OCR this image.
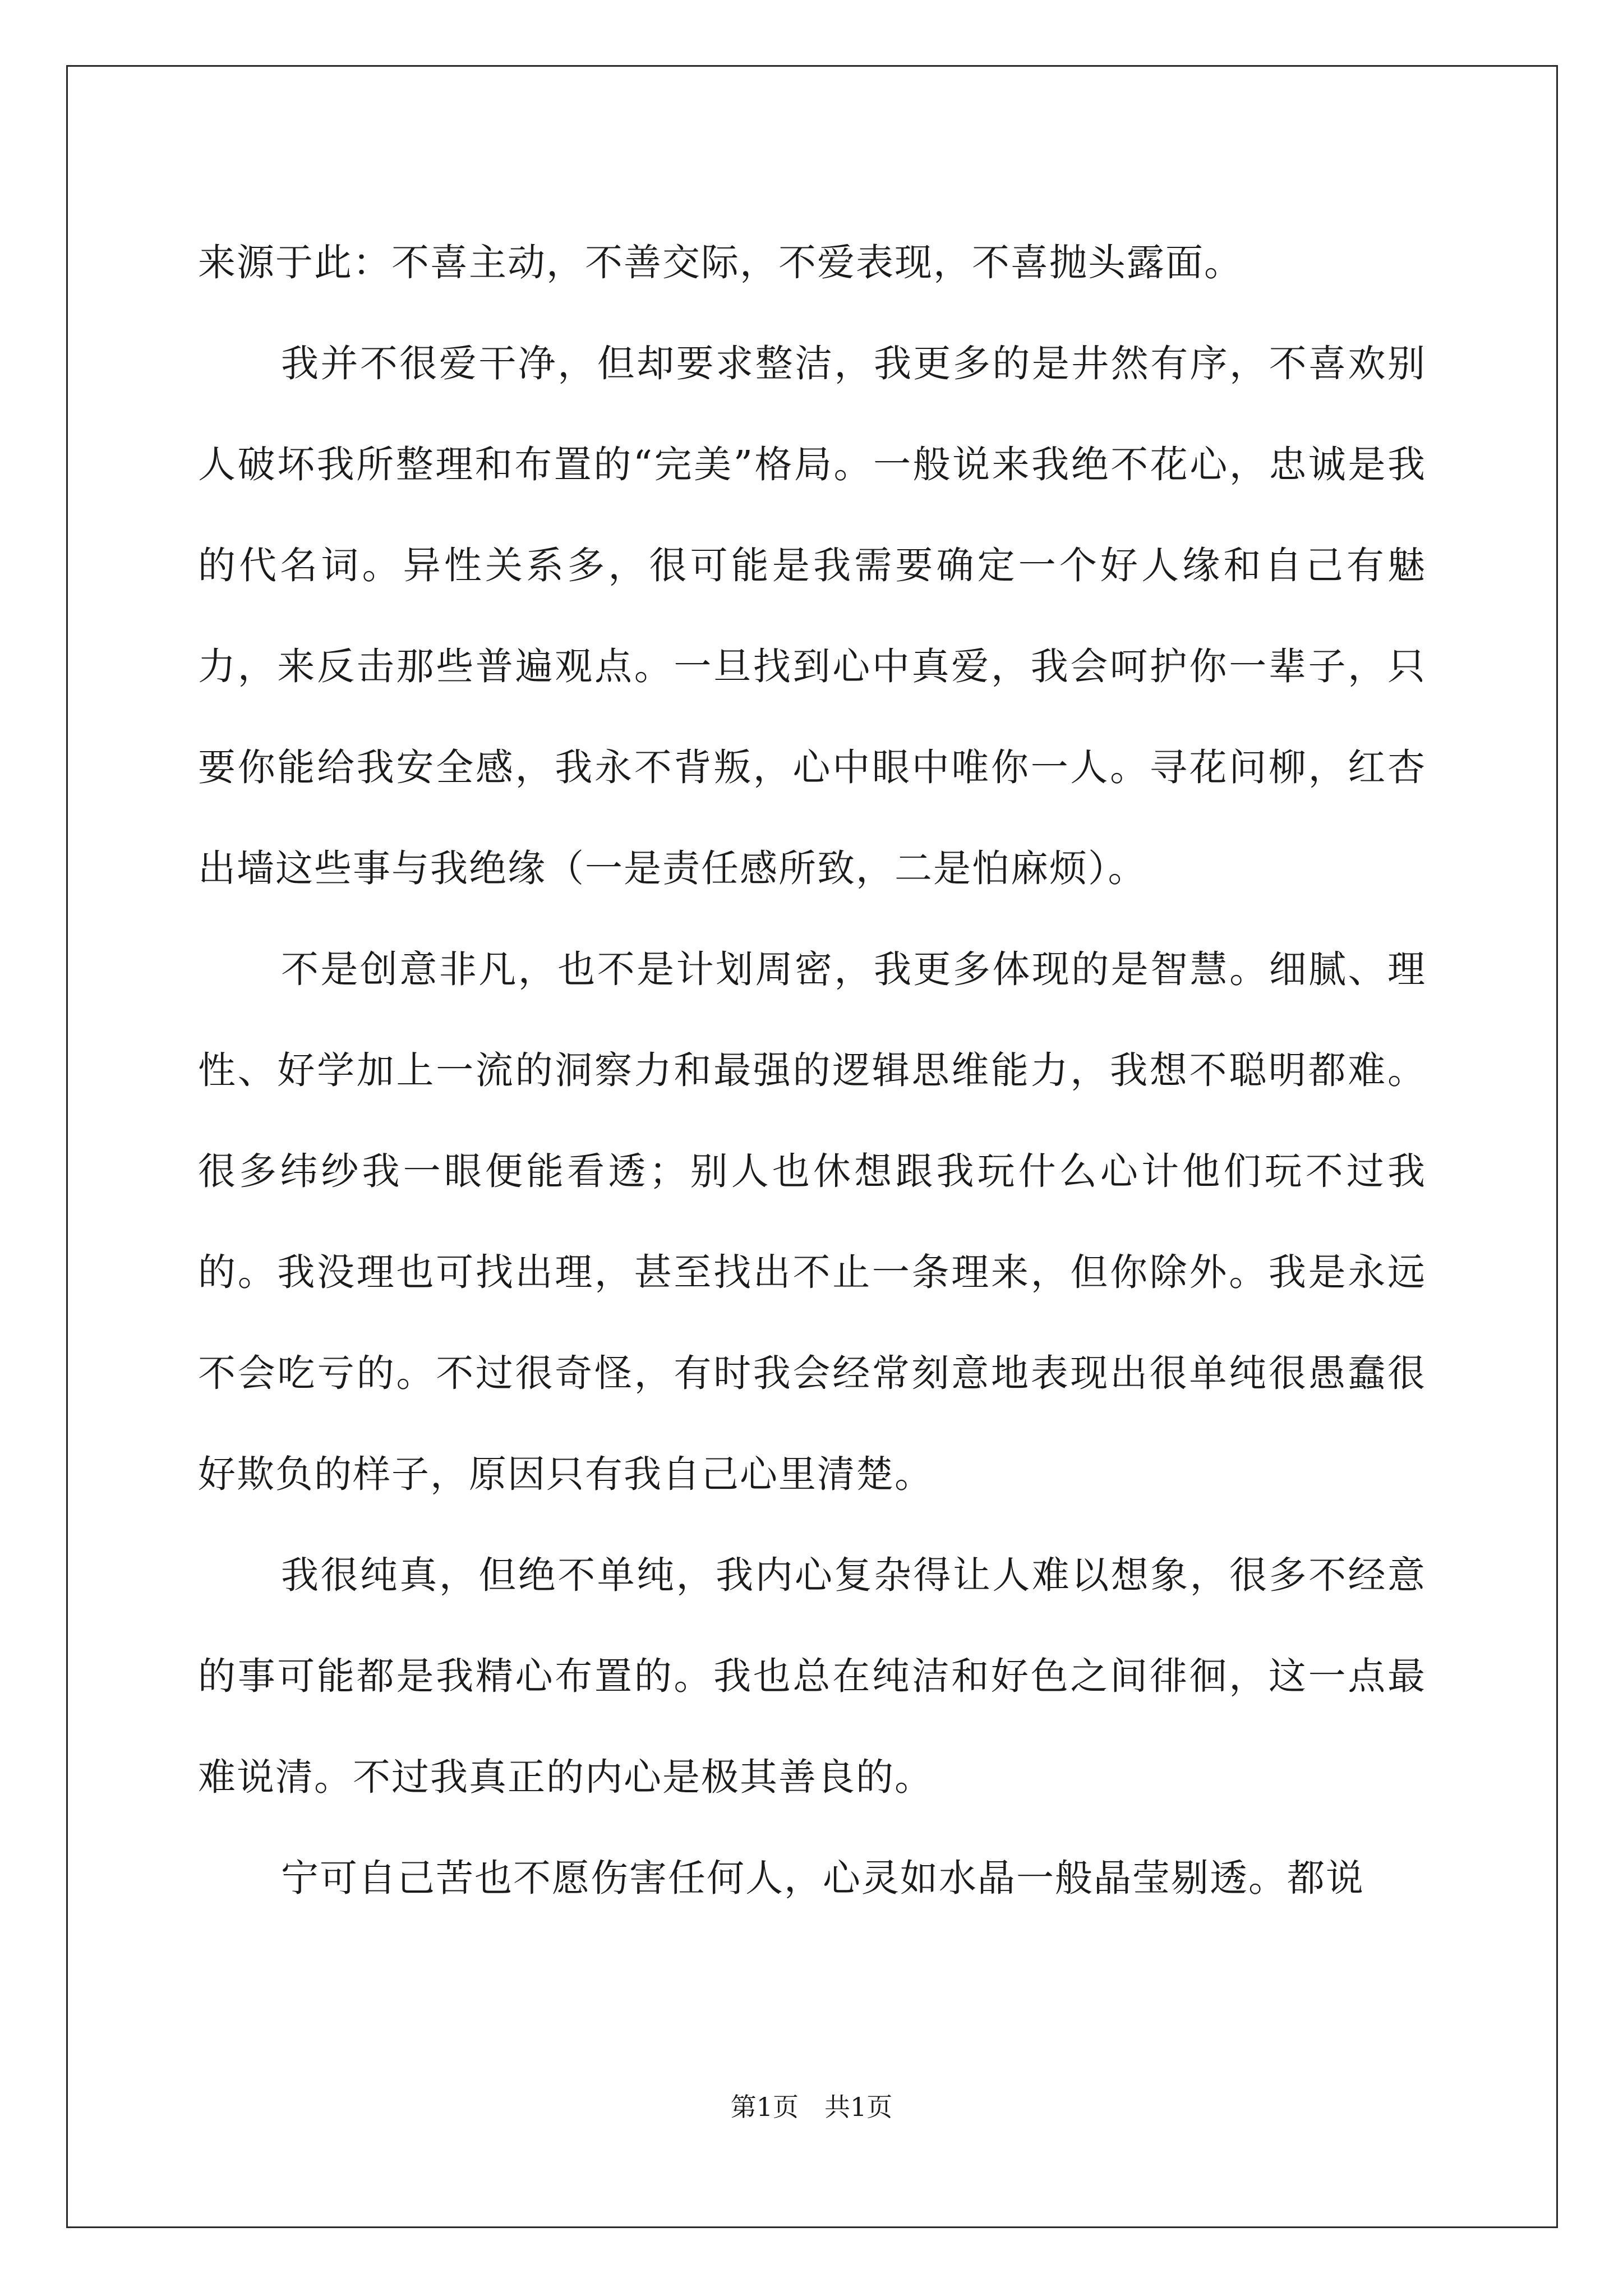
来源于此：不喜主动，不善交际，不爱表现，不喜抛头露面。

我并不很爱干净，但却要求整洁，我更多的是井然有序，不喜欢别人破坏我所整理和布置的“完美”格局。一般说来我绝不花心，忠诚是我的代名词。异性关系多，很可能是我需要确定一个好人缘和自己有魅力，来反击那些普遍观点。一旦找到心中真爱，我会呵护你一辈子，只要你能给我安全感，我永不背叛，心中眼中唯你一人。寻花问柳，红杏出墙这些事与我绝缘（一是责任感所致，二是怕麻烦）。

不是创意非凡，也不是计划周密，我更多体现的是智慧。细腻、理性、好学加上一流的洞察力和最强的逻辑思维能力，我想不聪明都难。很多纬纱我一眼便能看透；别人也休想跟我玩什么心计他们玩不过我的。我没理也可找出理，甚至找出不止一条理来，但你除外。我是永远不会吃亏的。不过很奇怪，有时我会经常刻意地表现出很单纯很愚蠢很好欺负的样子，原因只有我自己心里清楚。

我很纯真，但绝不单纯，我内心复杂得让人难以想象，很多不经意的事可能都是我精心布置的。我也总在纯洁和好色之间徘徊，这一点最难说清。不过我真正的内心是极其善良的。

宁可自己苦也不愿伤害任何人，心灵如水晶一般晶莹剔透。都说

第1页　共1页
